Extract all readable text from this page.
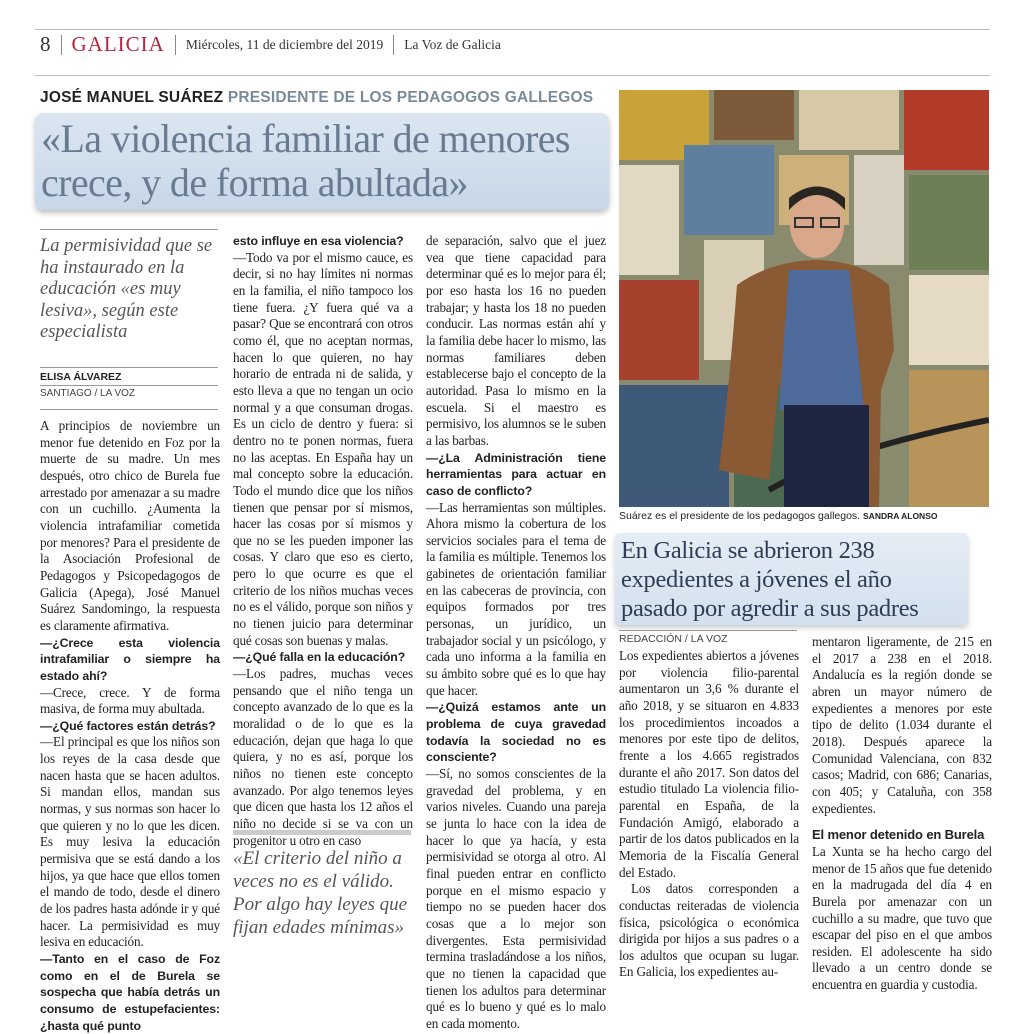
8 GALICIA Miércoles, 11 de diciembre del 2019 La Voz de Galicia
JOSÉ MANUEL SUÁREZ PRESIDENTE DE LOS PEDAGOGOS GALLEGOS
«La violencia familiar de menores crece, y de forma abultada»
La permisividad que se ha instaurado en la educación «es muy lesiva», según este especialista
ELISA ÁLVAREZ
SANTIAGO / LA VOZ

A principios de noviembre un menor fue detenido en Foz por la muerte de su madre. Un mes después, otro chico de Burela fue arrestado por amenazar a su madre con un cuchillo. ¿Aumenta la violencia intrafamiliar cometida por menores? Para el presidente de la Asociación Profesional de Pedagogos y Psicopedagogos de Galicia (Apega), José Manuel Suárez Sandomingo, la respuesta es claramente afirmativa.

—¿Crece esta violencia intrafamiliar o siempre ha estado ahí?

—Crece, crece. Y de forma masiva, de forma muy abultada.

—¿Qué factores están detrás?

—El principal es que los niños son los reyes de la casa desde que nacen hasta que se hacen adultos. Si mandan ellos, mandan sus normas, y sus normas son hacer lo que quieren y no lo que les dicen. Es muy lesiva la educación permisiva que se está dando a los hijos, ya que hace que ellos tomen el mando de todo, desde el dinero de los padres hasta adónde ir y qué hacer. La permisividad es muy lesiva en educación.

—Tanto en el caso de Foz como en el de Burela se sospecha que había detrás un consumo de estupefacientes: ¿hasta qué punto

esto influye en esa violencia?

—Todo va por el mismo cauce, es decir, si no hay límites ni normas en la familia, el niño tampoco los tiene fuera. ¿Y fuera qué va a pasar? Que se encontrará con otros como él, que no aceptan normas, hacen lo que quieren, no hay horario de entrada ni de salida, y esto lleva a que no tengan un ocio normal y a que consuman drogas. Es un ciclo de dentro y fuera: si dentro no te ponen normas, fuera no las aceptas. En España hay un mal concepto sobre la educación. Todo el mundo dice que los niños tienen que pensar por sí mismos, hacer las cosas por sí mismos y que no se les pueden imponer las cosas. Y claro que eso es cierto, pero lo que ocurre es que el criterio de los niños muchas veces no es el válido, porque son niños y no tienen juicio para determinar qué cosas son buenas y malas.

—¿Qué falla en la educación?

—Los padres, muchas veces pensando que el niño tenga un concepto avanzado de lo que es la moralidad o de lo que es la educación, dejan que haga lo que quiera, y no es así, porque los niños no tienen este concepto avanzado. Por algo tenemos leyes que dicen que hasta los 12 años el niño no decide si se va con un progenitor u otro en caso

de separación, salvo que el juez vea que tiene capacidad para determinar qué es lo mejor para él; por eso hasta los 16 no pueden trabajar; y hasta los 18 no pueden conducir. Las normas están ahí y la familia debe hacer lo mismo, las normas familiares deben establecerse bajo el concepto de la autoridad. Pasa lo mismo en la escuela. Si el maestro es permisivo, los alumnos se le suben a las barbas.

—¿La Administración tiene herramientas para actuar en caso de conflicto?

—Las herramientas son múltiples. Ahora mismo la cobertura de los servicios sociales para el tema de la familia es múltiple. Tenemos los gabinetes de orientación familiar en las cabeceras de provincia, con equipos formados por tres personas, un jurídico, un trabajador social y un psicólogo, y cada uno informa a la familia en su ámbito sobre qué es lo que hay que hacer.

—¿Quizá estamos ante un problema de cuya gravedad todavía la sociedad no es consciente?

—Sí, no somos conscientes de la gravedad del problema, y en varios niveles. Cuando una pareja se junta lo hace con la idea de hacer lo que ya hacía, y esta permisividad se otorga al otro. Al final pueden entrar en conflicto porque en el mismo espacio y tiempo no se pueden hacer dos cosas que a lo mejor son divergentes. Esta permisividad termina trasladándose a los niños, que no tienen la capacidad que tienen los adultos para determinar qué es lo bueno y qué es lo malo en cada momento.

«El criterio del niño a veces no es el válido. Por algo hay leyes que fijan edades mínimas»
Suárez es el presidente de los pedagogos gallegos. SANDRA ALONSO
En Galicia se abrieron 238 expedientes a jóvenes el año pasado por agredir a sus padres
REDACCIÓN / LA VOZ

Los expedientes abiertos a jóvenes por violencia filio-parental aumentaron un 3,6 % durante el año 2018, y se situaron en 4.833 los procedimientos incoados a menores por este tipo de delitos, frente a los 4.665 registrados durante el año 2017. Son datos del estudio titulado La violencia filio-parental en España, de la Fundación Amigó, elaborado a partir de los datos publicados en la Memoria de la Fiscalía General del Estado.

Los datos corresponden a conductas reiteradas de violencia física, psicológica o económica dirigida por hijos a sus padres o a los adultos que ocupan su lugar. En Galicia, los expedientes au-

mentaron ligeramente, de 215 en el 2017 a 238 en el 2018. Andalucía es la región donde se abren un mayor número de expedientes a menores por este tipo de delito (1.034 durante el 2018). Después aparece la Comunidad Valenciana, con 832 casos; Madrid, con 686; Canarias, con 405; y Cataluña, con 358 expedientes.

El menor detenido en Burela

La Xunta se ha hecho cargo del menor de 15 años que fue detenido en la madrugada del día 4 en Burela por amenazar con un cuchillo a su madre, que tuvo que escapar del piso en el que ambos residen. El adolescente ha sido llevado a un centro donde se encuentra en guardia y custodia.
